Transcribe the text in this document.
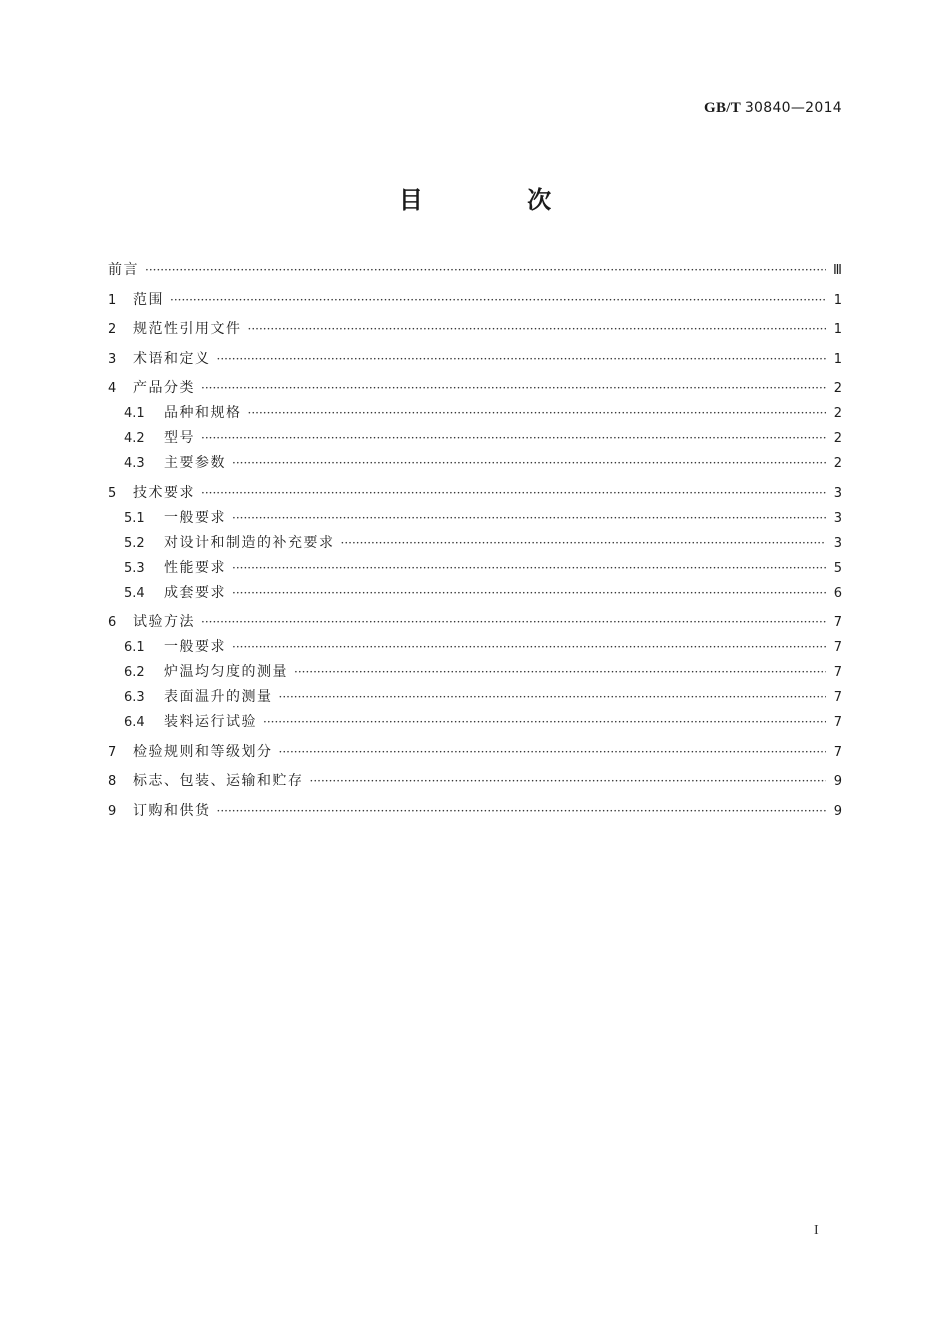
GB/T 30840—2014
目 次
前言 ·····	Ⅲ
1	范围 ·····	1
2	规范性引用文件 ·····	1
3	术语和定义 ·····	1
4	产品分类 ·····	2
4.1	品种和规格 ·····	2
4.2	型号 ·····	2
4.3	主要参数 ·····	2
5	技术要求 ·····	3
5.1	一般要求 ·····	3
5.2	对设计和制造的补充要求 ·····	3
5.3	性能要求 ·····	5
5.4	成套要求 ·····	6
6	试验方法 ·····	7
6.1	一般要求 ·····	7
6.2	炉温均匀度的测量 ·····	7
6.3	表面温升的测量 ·····	7
6.4	装料运行试验 ·····	7
7	检验规则和等级划分 ·····	7
8	标志、包装、运输和贮存 ·····	9
9	订购和供货 ·····	9
I
